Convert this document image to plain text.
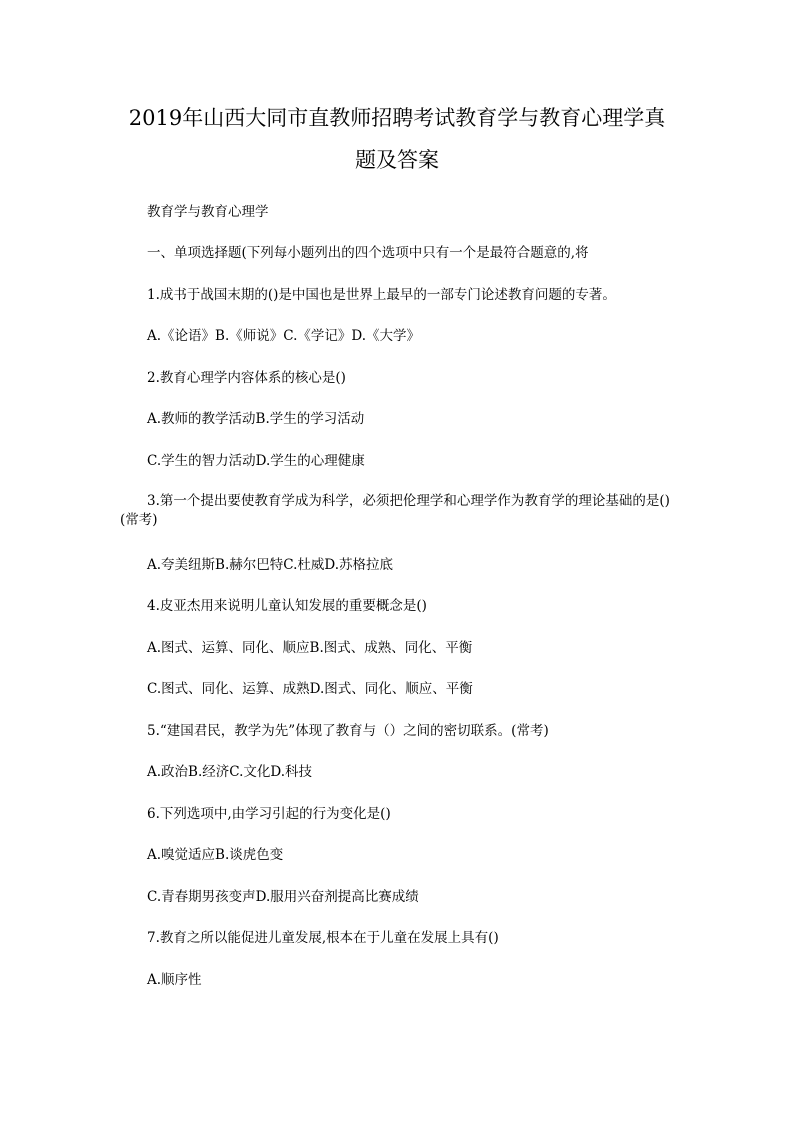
2019年山西大同市直教师招聘考试教育学与教育心理学真
题及答案
教育学与教育心理学
一、单项选择题(下列每小题列出的四个选项中只有一个是最符合题意的,将
1.成书于战国末期的()是中国也是世界上最早的一部专门论述教育问题的专著。
A.《论语》B.《师说》C.《学记》D.《大学》
2.教育心理学内容体系的核心是()
A.教师的教学活动B.学生的学习活动
C.学生的智力活动D.学生的心理健康
3.第一个提出要使教育学成为科学，必须把伦理学和心理学作为教育学的理论基础的是()(常考)
A.夸美纽斯B.赫尔巴特C.杜威D.苏格拉底
4.皮亚杰用来说明儿童认知发展的重要概念是()
A.图式、运算、同化、顺应B.图式、成熟、同化、平衡
C.图式、同化、运算、成熟D.图式、同化、顺应、平衡
5.“建国君民，教学为先”体现了教育与（）之间的密切联系。(常考)
A.政治B.经济C.文化D.科技
6.下列选项中,由学习引起的行为变化是()
A.嗅觉适应B.谈虎色变
C.青春期男孩变声D.服用兴奋剂提高比赛成绩
7.教育之所以能促进儿童发展,根本在于儿童在发展上具有()
A.顺序性
